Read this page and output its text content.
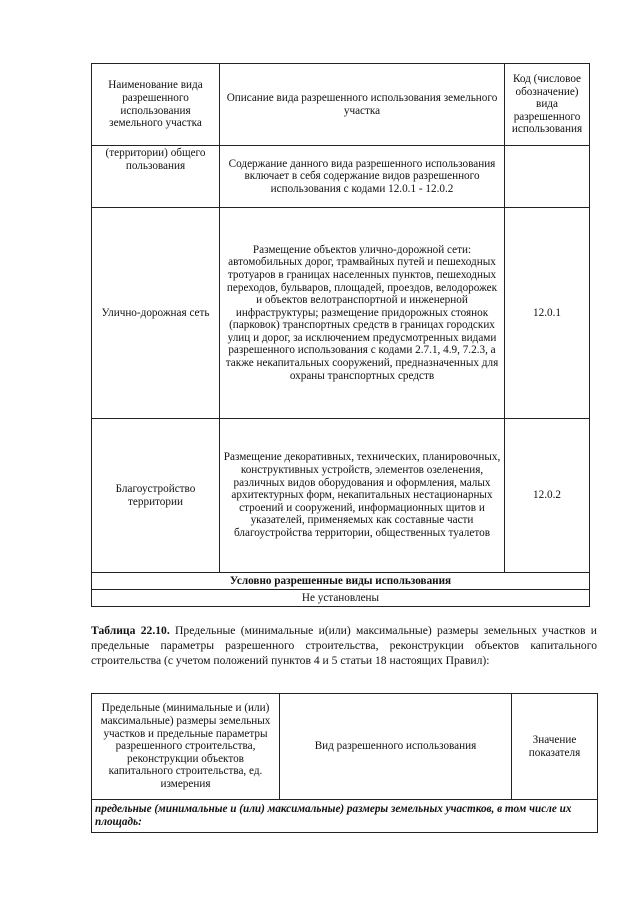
Наименование вида разрешенного использования земельного участка	Описание вида разрешенного использования земельного участка	Код (числовое обозначение) вида разрешенного использования
(территории) общего пользования	Содержание данного вида разрешенного использования включает в себя содержание видов разрешенного использования с кодами 12.0.1 - 12.0.2	
Улично-дорожная сеть	Размещение объектов улично-дорожной сети: автомобильных дорог, трамвайных путей и пешеходных тротуаров в границах населенных пунктов, пешеходных переходов, бульваров, площадей, проездов, велодорожек и объектов велотранспортной и инженерной инфраструктуры; размещение придорожных стоянок (парковок) транспортных средств в границах городских улиц и дорог, за исключением предусмотренных видами разрешенного использования с кодами 2.7.1, 4.9, 7.2.3, а также некапитальных сооружений, предназначенных для охраны транспортных средств	12.0.1
Благоустройство территории	Размещение декоративных, технических, планировочных, конструктивных устройств, элементов озеленения, различных видов оборудования и оформления, малых архитектурных форм, некапитальных нестационарных строений и сооружений, информационных щитов и указателей, применяемых как составные части благоустройства территории, общественных туалетов	12.0.2
Условно разрешенные виды использования		
Не установлены		
Таблица 22.10. Предельные (минимальные и(или) максимальные) размеры земельных участков и предельные параметры разрешенного строительства, реконструкции объектов капитального строительства (с учетом положений пунктов 4 и 5 статьи 18 настоящих Правил):
Предельные (минимальные и (или) максимальные) размеры земельных участков и предельные параметры разрешенного строительства, реконструкции объектов капитального строительства, ед. измерения	Вид разрешенного использования	Значение показателя
предельные (минимальные и (или) максимальные) размеры земельных участков, в том числе их площадь:
